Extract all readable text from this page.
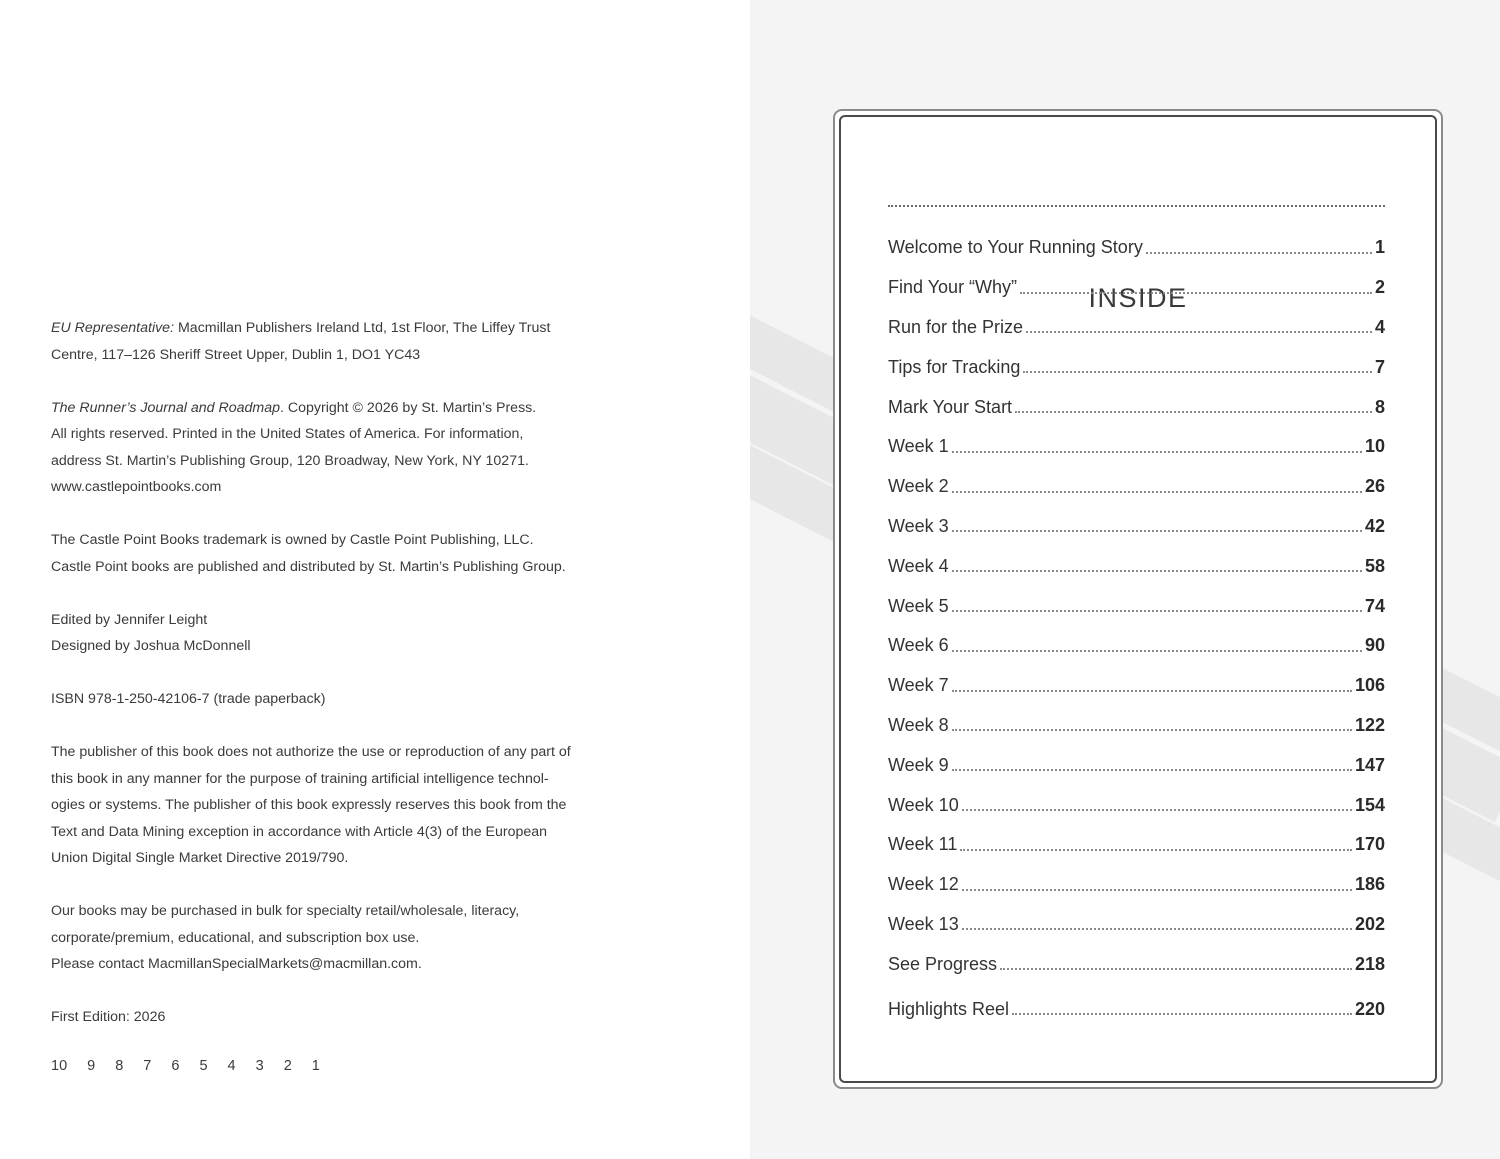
EU Representative: Macmillan Publishers Ireland Ltd, 1st Floor, The Liffey Trust
Centre, 117–126 Sheriff Street Upper, Dublin 1, DO1 YC43

The Runner’s Journal and Roadmap. Copyright © 2026 by St. Martin’s Press.
All rights reserved. Printed in the United States of America. For information,
address St. Martin’s Publishing Group, 120 Broadway, New York, NY 10271.
www.castlepointbooks.com

The Castle Point Books trademark is owned by Castle Point Publishing, LLC.
Castle Point books are published and distributed by St. Martin’s Publishing Group.

Edited by Jennifer Leight
Designed by Joshua McDonnell

ISBN 978-1-250-42106-7 (trade paperback)

The publisher of this book does not authorize the use or reproduction of any part of
this book in any manner for the purpose of training artificial intelligence technol-
ogies or systems. The publisher of this book expressly reserves this book from the
Text and Data Mining exception in accordance with Article 4(3) of the European
Union Digital Single Market Directive 2019/790.

Our books may be purchased in bulk for specialty retail/wholesale, literacy,
corporate/premium, educational, and subscription box use.
Please contact MacmillanSpecialMarkets@macmillan.com.

First Edition: 2026

10 9 8 7 6 5 4 3 2 1
INSIDE
Welcome to Your Running Story	1
Find Your “Why”	2
Run for the Prize	4
Tips for Tracking	7
Mark Your Start	8
Week 1	10
Week 2	26
Week 3	42
Week 4	58
Week 5	74
Week 6	90
Week 7	106
Week 8	122
Week 9	147
Week 10	154
Week 11	170
Week 12	186
Week 13	202
See Progress	218
Highlights Reel	220
